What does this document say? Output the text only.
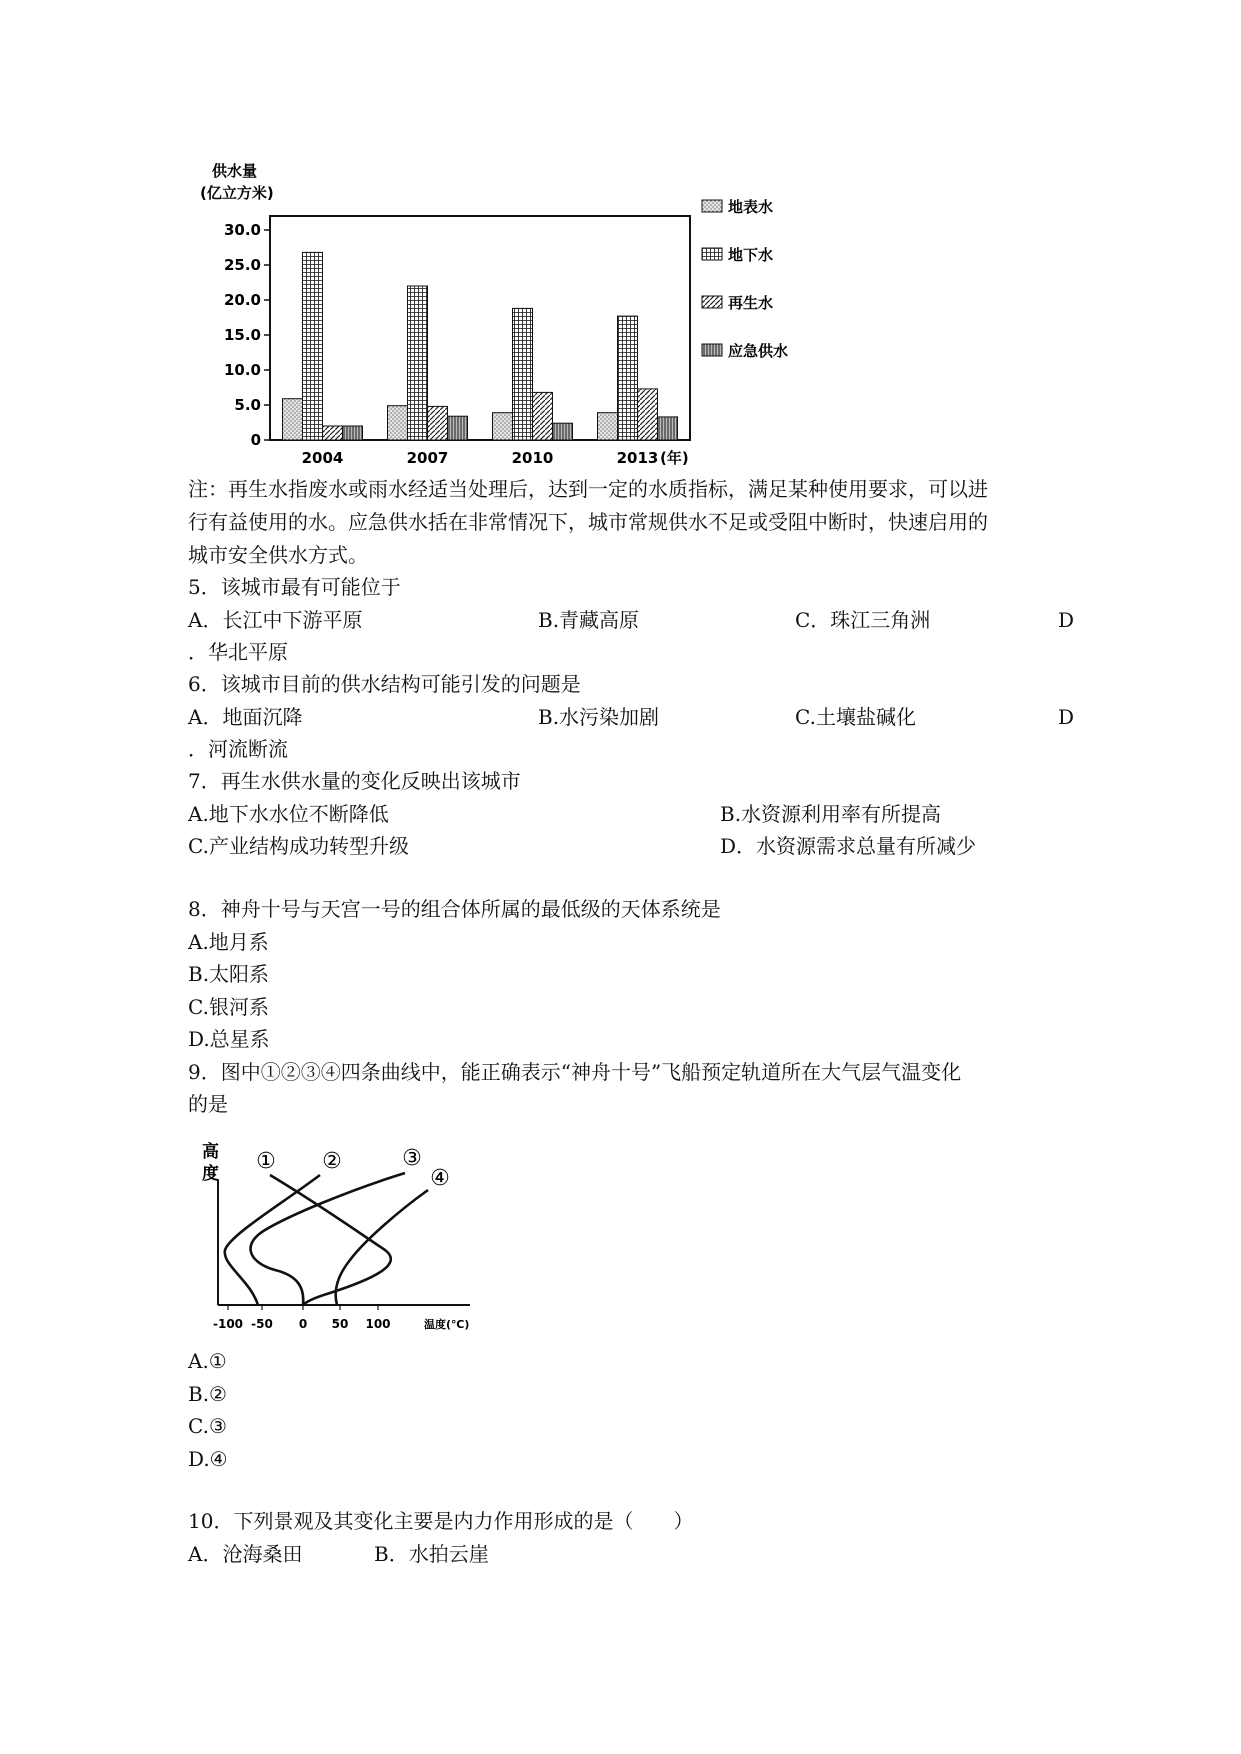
供水量
(亿立方米)
30.0
25.0
20.0
15.0
10.0
5.0
0
2004	2007	2010	2013 (年)
地表水
地下水
再生水
应急供水
注：再生水指废水或雨水经适当处理后，达到一定的水质指标，满足某种使用要求，可以进
行有益使用的水。应急供水括在非常情况下，城市常规供水不足或受阻中断时，快速启用的
城市安全供水方式。
5．该城市最有可能位于
A．长江中下游平原	B.青藏高原	C．珠江三角洲	D
．华北平原
6．该城市目前的供水结构可能引发的问题是
A．地面沉降	B.水污染加剧	C.土壤盐碱化	D
．河流断流
7．再生水供水量的变化反映出该城市
A.地下水水位不断降低	B.水资源利用率有所提高
C.产业结构成功转型升级	D．水资源需求总量有所减少
8．神舟十号与天宫一号的组合体所属的最低级的天体系统是
A.地月系
B.太阳系
C.银河系
D.总星系
9．图中①②③④四条曲线中，能正确表示“神舟十号”飞船预定轨道所在大气层气温变化
的是
高
度 ① ②	③
④
-100 -50 0 50 100	温度(℃)
A.①
B.②
C.③
D.④
10．下列景观及其变化主要是内力作用形成的是（　　）
A．沧海桑田	B．水拍云崖
